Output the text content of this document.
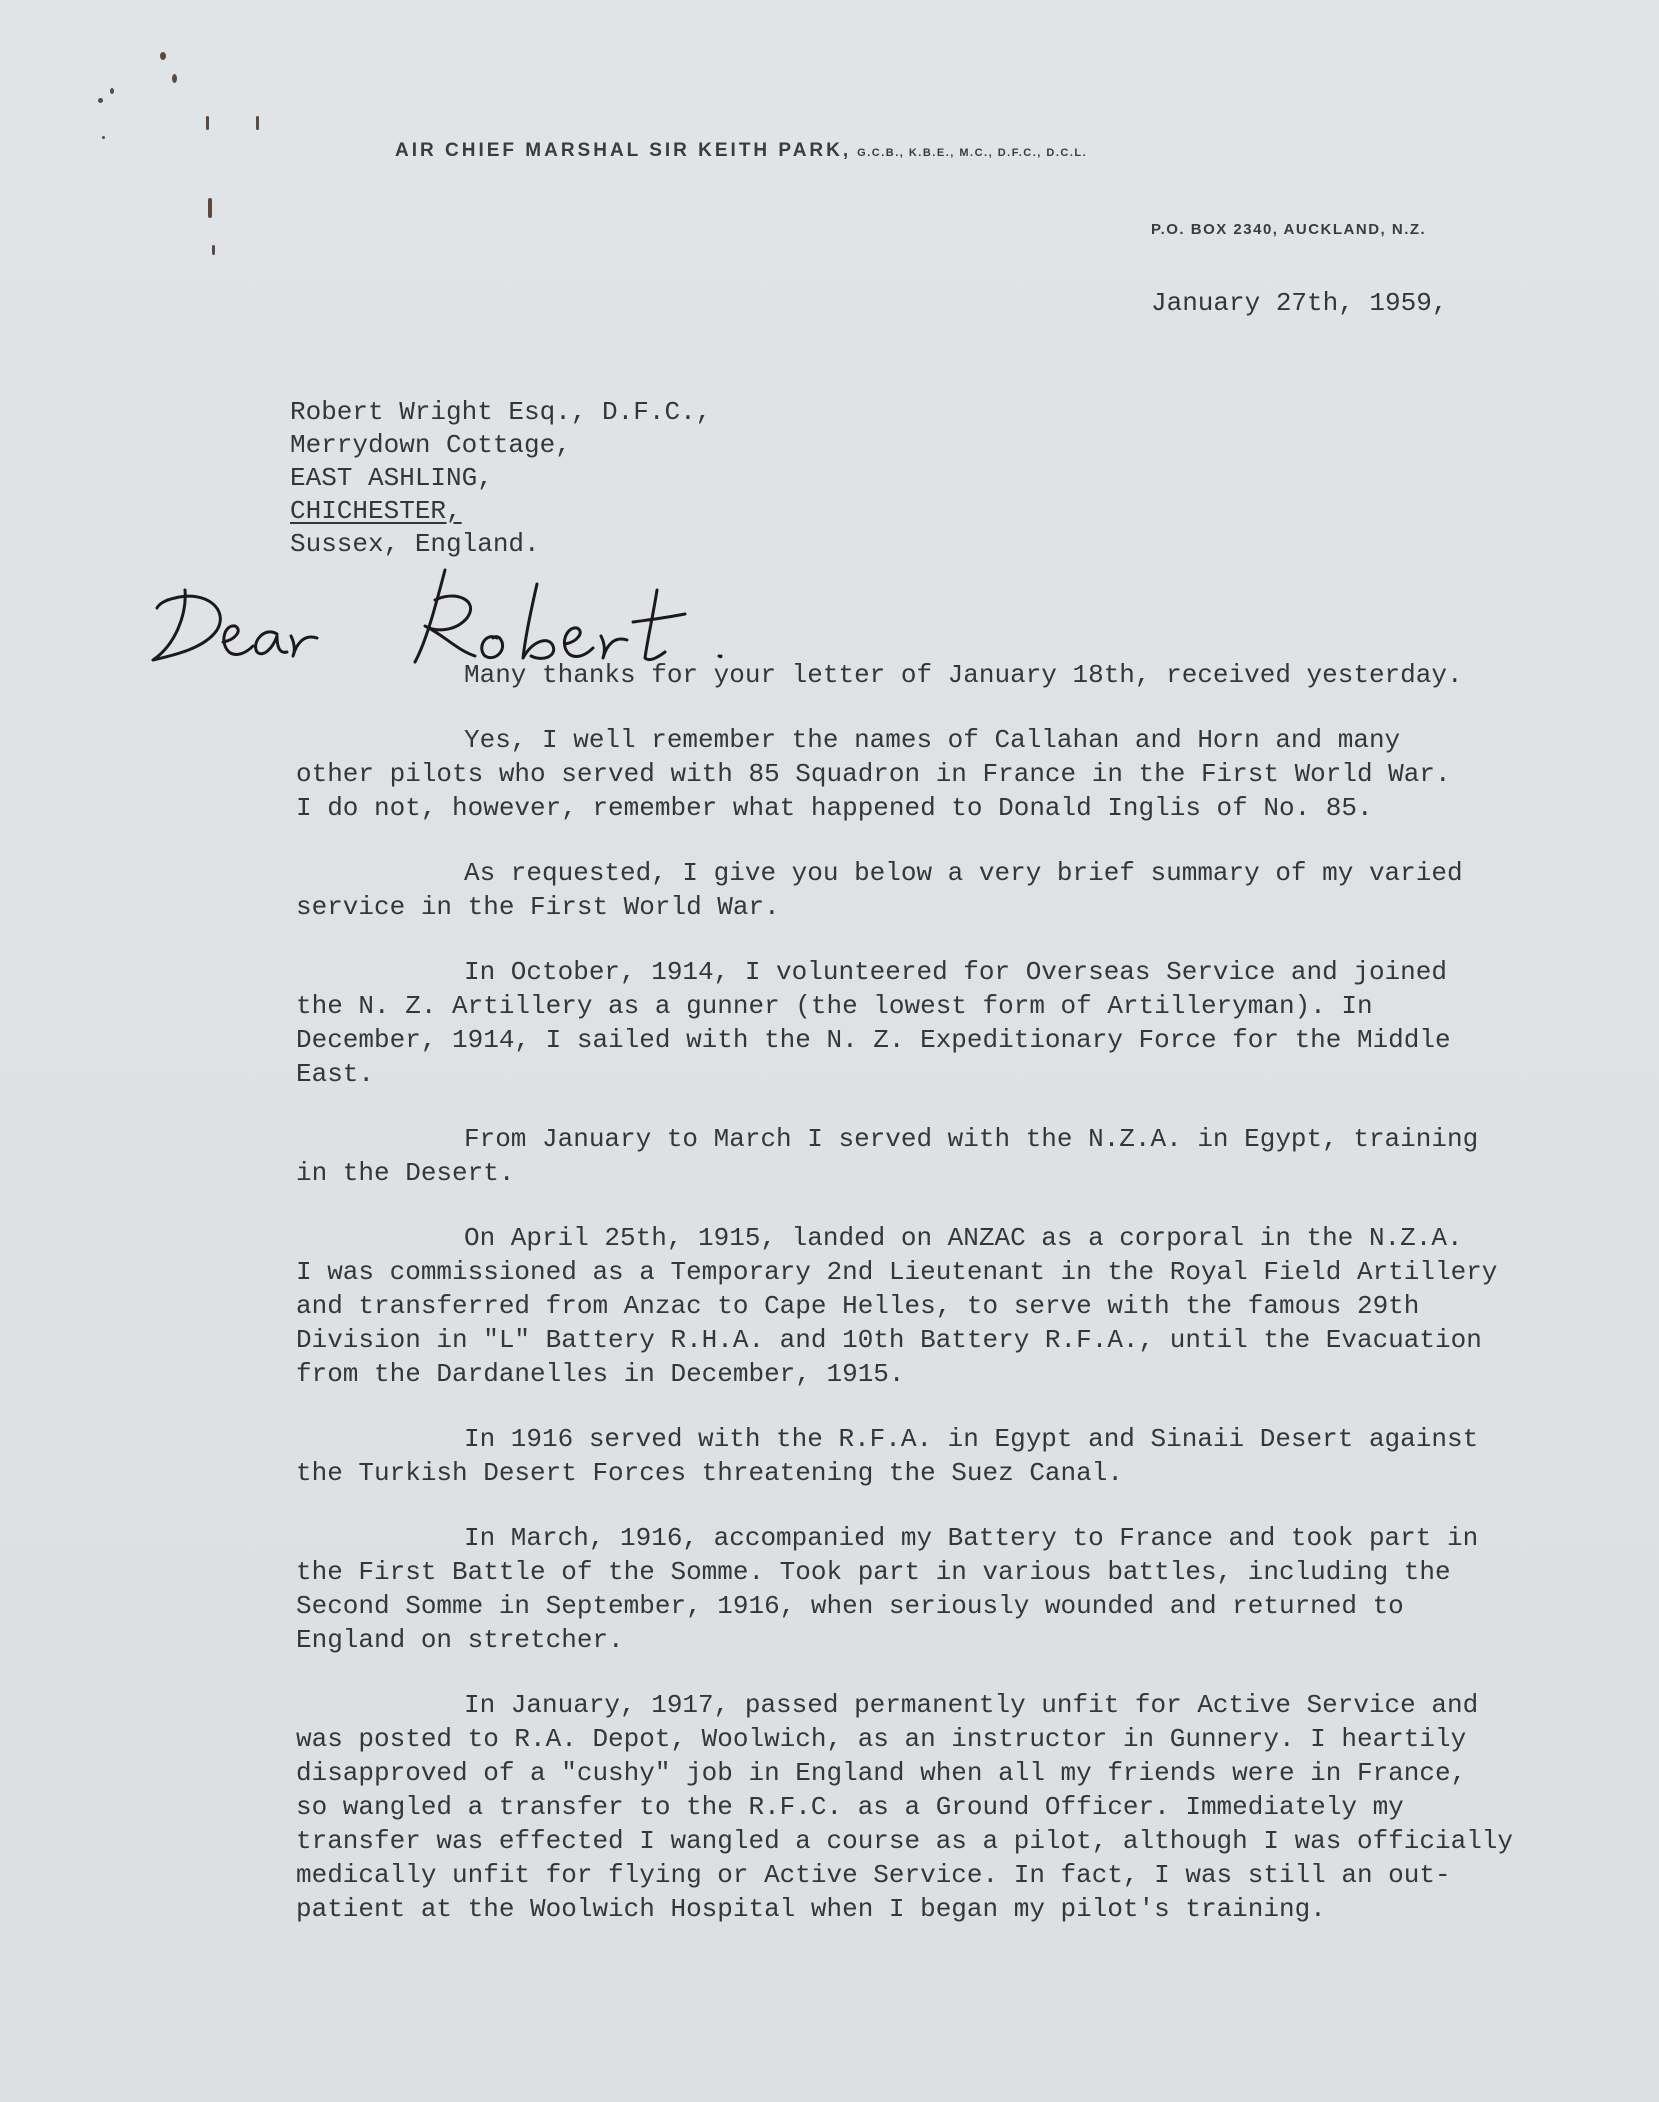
AIR CHIEF MARSHAL SIR KEITH PARK, G.C.B., K.B.E., M.C., D.F.C., D.C.L.
P.O. BOX 2340, AUCKLAND, N.Z.
January 27th, 1959,
Robert Wright Esq., D.F.C.,
Merrydown Cottage,
EAST ASHLING,
CHICHESTER,
Sussex, England.
Many thanks for your letter of January 18th, received yesterday.
Yes, I well remember the names of Callahan and Horn and many
other pilots who served with 85 Squadron in France in the First World War.
I do not, however, remember what happened to Donald Inglis of No. 85.
As requested, I give you below a very brief summary of my varied
service in the First World War.
In October, 1914, I volunteered for Overseas Service and joined
the N. Z. Artillery as a gunner (the lowest form of Artilleryman). In
December, 1914, I sailed with the N. Z. Expeditionary Force for the Middle
East.
From January to March I served with the N.Z.A. in Egypt, training
in the Desert.
On April 25th, 1915, landed on ANZAC as a corporal in the N.Z.A.
I was commissioned as a Temporary 2nd Lieutenant in the Royal Field Artillery
and transferred from Anzac to Cape Helles, to serve with the famous 29th
Division in "L" Battery R.H.A. and 10th Battery R.F.A., until the Evacuation
from the Dardanelles in December, 1915.
In 1916 served with the R.F.A. in Egypt and Sinaii Desert against
the Turkish Desert Forces threatening the Suez Canal.
In March, 1916, accompanied my Battery to France and took part in
the First Battle of the Somme. Took part in various battles, including the
Second Somme in September, 1916, when seriously wounded and returned to
England on stretcher.
In January, 1917, passed permanently unfit for Active Service and
was posted to R.A. Depot, Woolwich, as an instructor in Gunnery. I heartily
disapproved of a "cushy" job in England when all my friends were in France,
so wangled a transfer to the R.F.C. as a Ground Officer. Immediately my
transfer was effected I wangled a course as a pilot, although I was officially
medically unfit for flying or Active Service. In fact, I was still an out-
patient at the Woolwich Hospital when I began my pilot's training.
